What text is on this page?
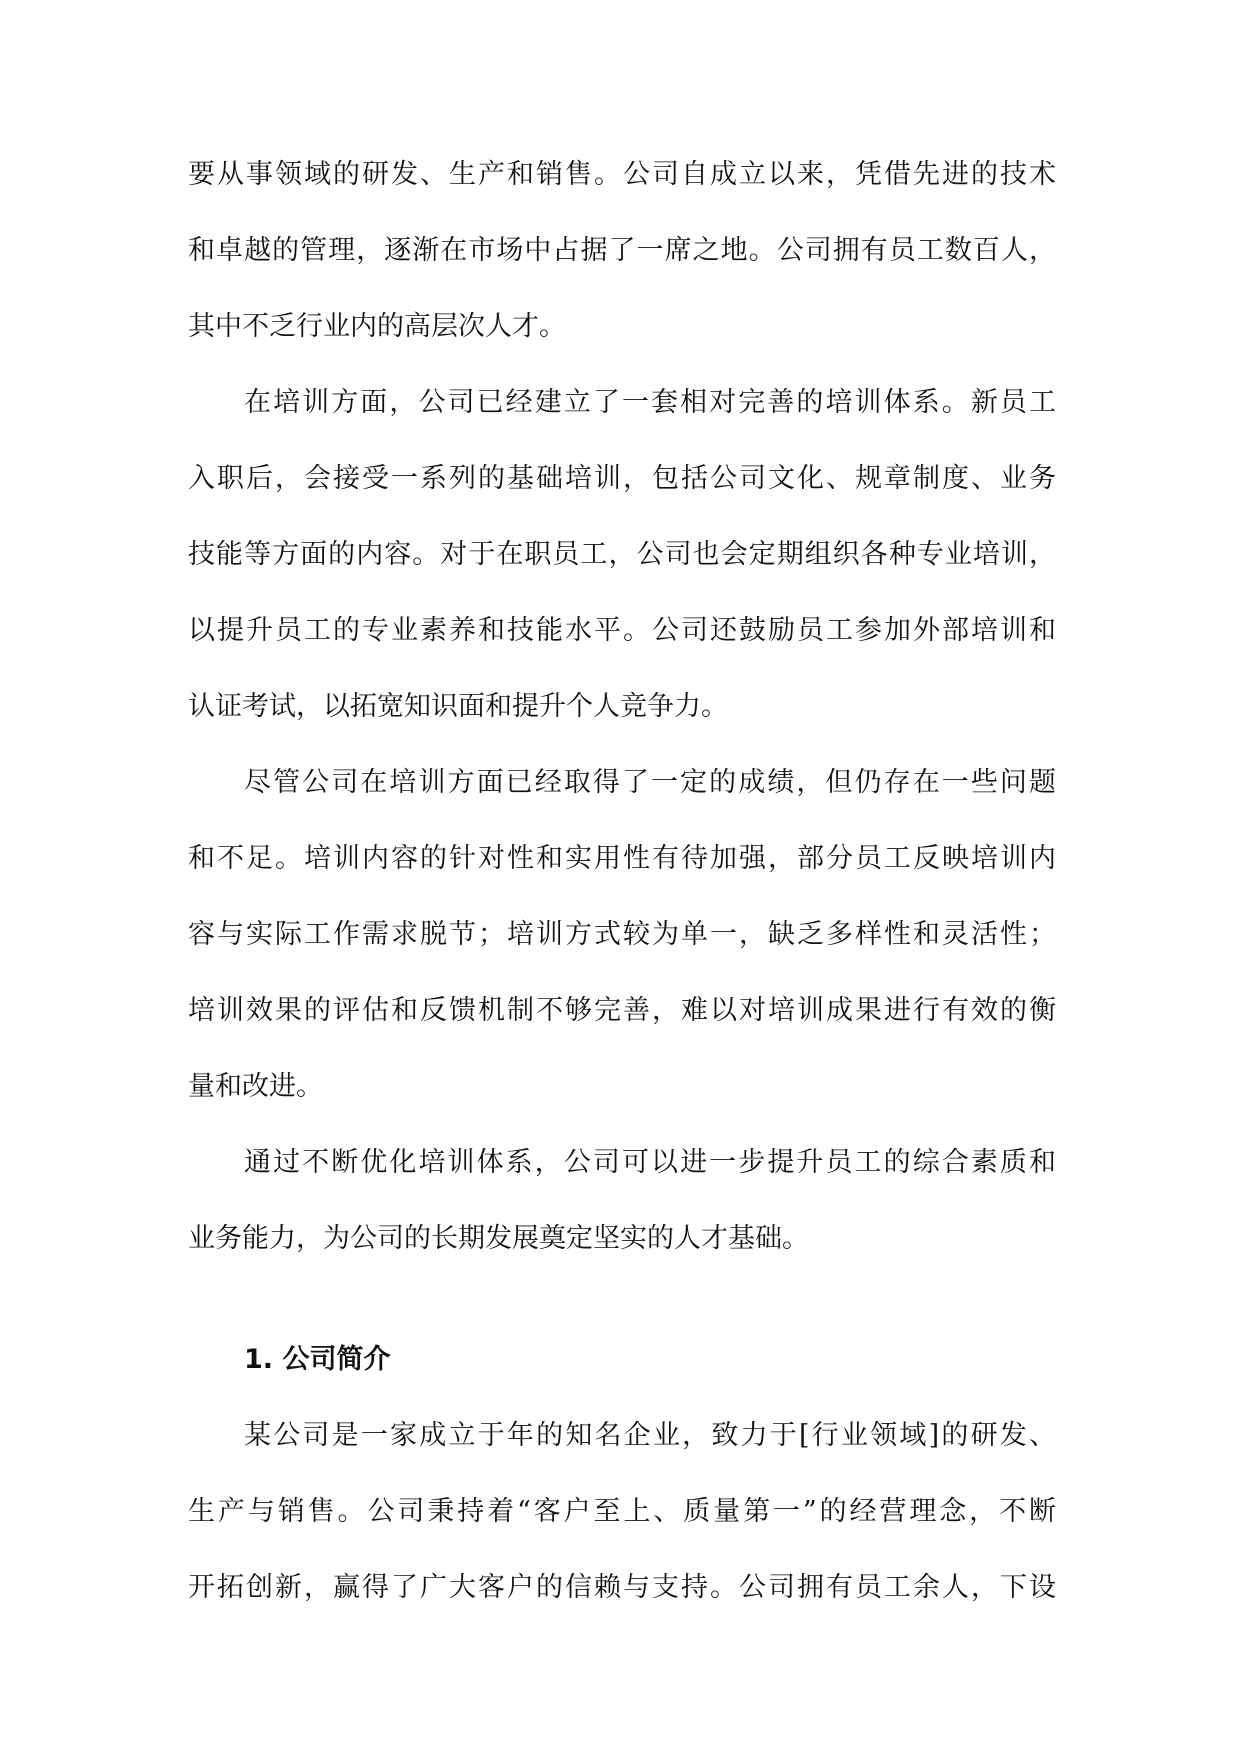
要从事领域的研发、生产和销售。公司自成立以来，凭借先进的技术
和卓越的管理，逐渐在市场中占据了一席之地。公司拥有员工数百人，
其中不乏行业内的高层次人才。
在培训方面，公司已经建立了一套相对完善的培训体系。新员工
入职后，会接受一系列的基础培训，包括公司文化、规章制度、业务
技能等方面的内容。对于在职员工，公司也会定期组织各种专业培训，
以提升员工的专业素养和技能水平。公司还鼓励员工参加外部培训和
认证考试，以拓宽知识面和提升个人竞争力。
尽管公司在培训方面已经取得了一定的成绩，但仍存在一些问题
和不足。培训内容的针对性和实用性有待加强，部分员工反映培训内
容与实际工作需求脱节；培训方式较为单一，缺乏多样性和灵活性；
培训效果的评估和反馈机制不够完善，难以对培训成果进行有效的衡
量和改进。
通过不断优化培训体系，公司可以进一步提升员工的综合素质和
业务能力，为公司的长期发展奠定坚实的人才基础。
1. 公司简介
某公司是一家成立于年的知名企业，致力于[行业领域]的研发、
生产与销售。公司秉持着“客户至上、质量第一”的经营理念，不断
开拓创新，赢得了广大客户的信赖与支持。公司拥有员工余人，下设
